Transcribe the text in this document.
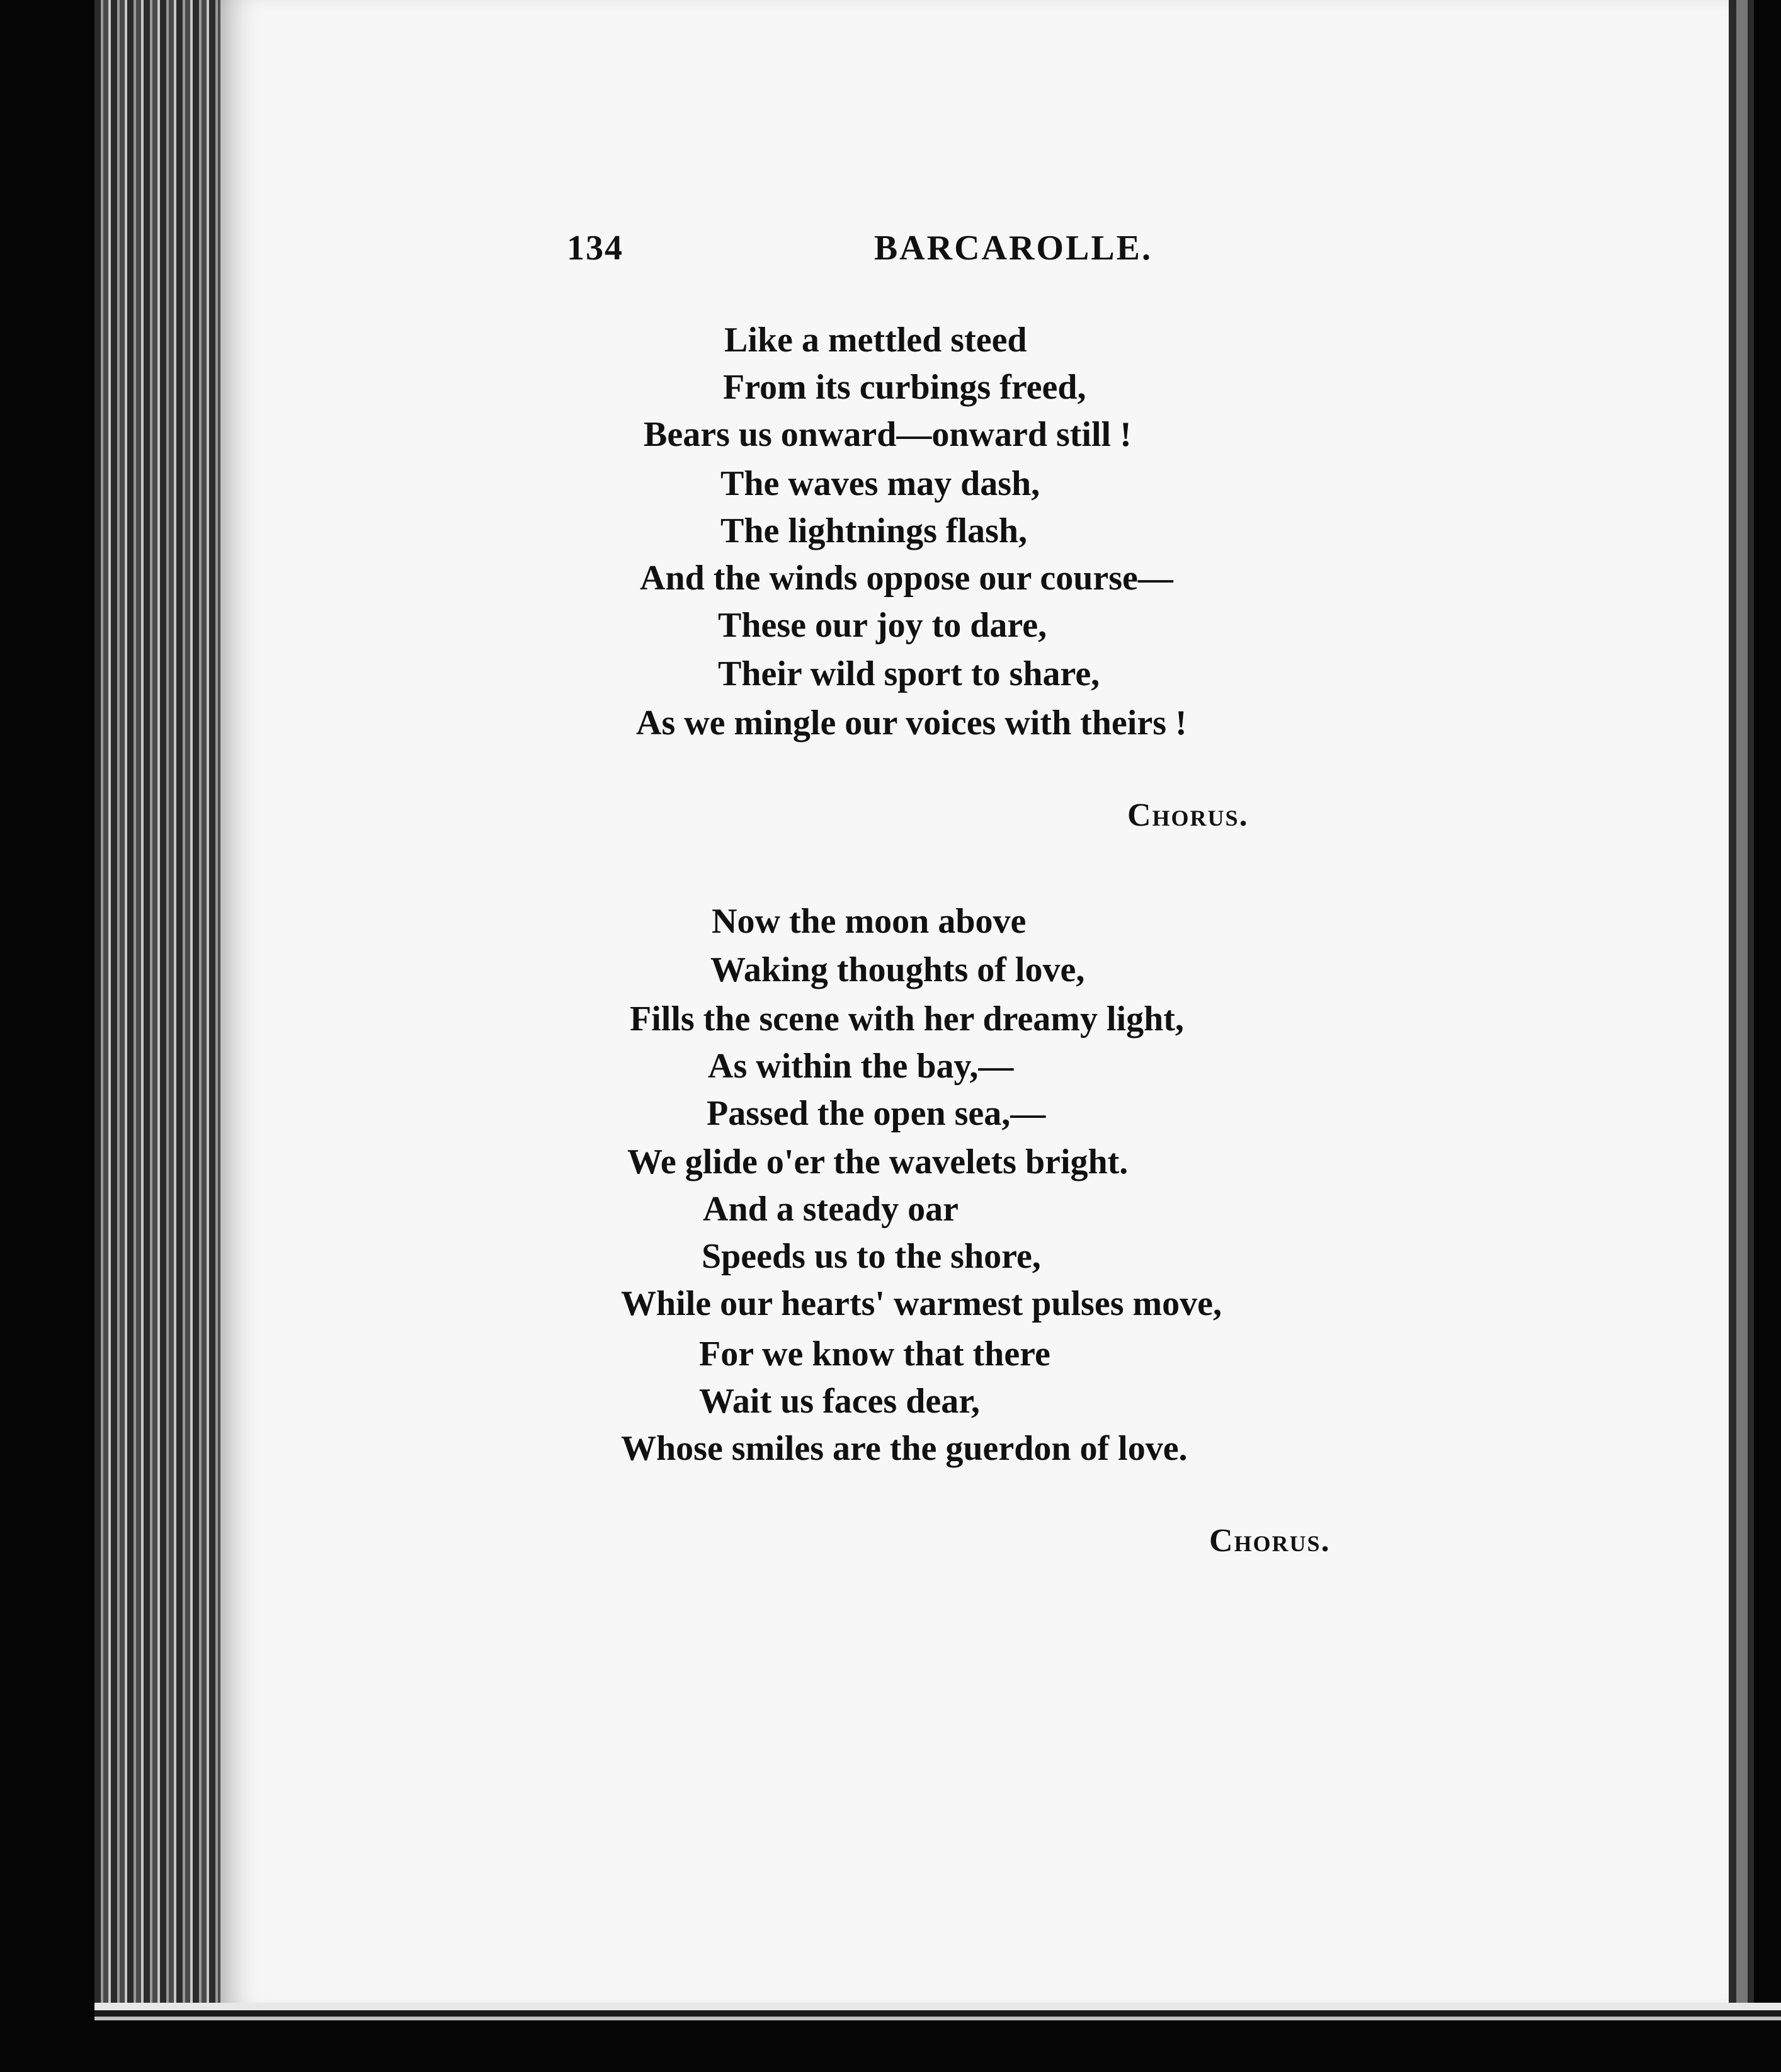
134	BARCAROLLE.
Like a mettled steed
From its curbings freed,
Bears us onward—onward still !
The waves may dash,
The lightnings flash,
And the winds oppose our course—
These our joy to dare,
Their wild sport to share,
As we mingle our voices with theirs !
Chorus.
Now the moon above
Waking thoughts of love,
Fills the scene with her dreamy light,
As within the bay,—
Passed the open sea,—
We glide o'er the wavelets bright.
And a steady oar
Speeds us to the shore,
While our hearts' warmest pulses move,
For we know that there
Wait us faces dear,
Whose smiles are the guerdon of love.
Chorus.
